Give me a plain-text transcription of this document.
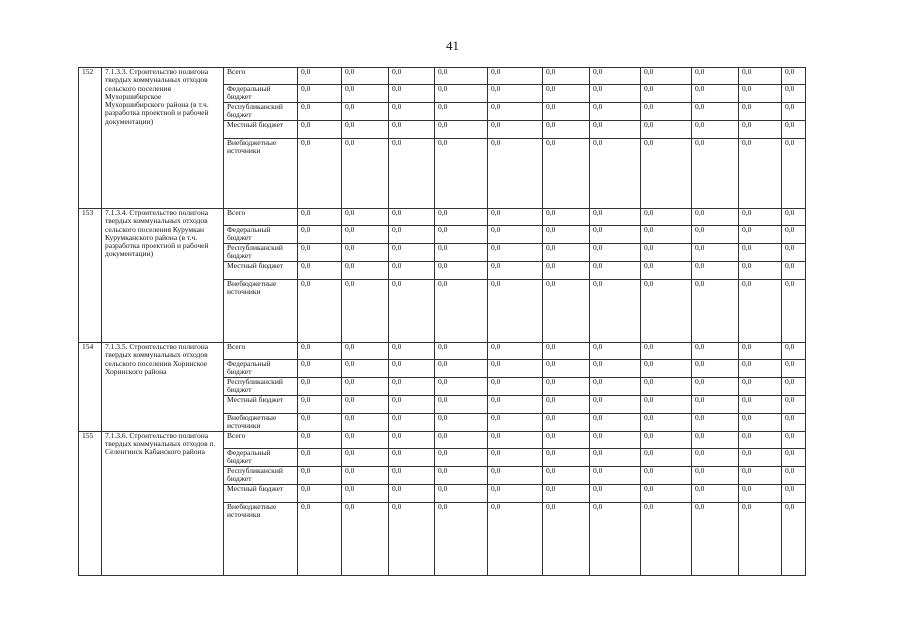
41
152	7.1.3.3. Строительство полигона твердых коммунальных отходов сельского поселения Мухоршибирское Мухоршибирского района (в т.ч. разработка проектной и рабочей документации)	Всего	0,0	0,0	0,0	0,0	0,0	0,0	0,0	0,0	0,0	0,0	0,0
		Федеральный бюджет	0,0	0,0	0,0	0,0	0,0	0,0	0,0	0,0	0,0	0,0	0,0
		Республиканский бюджет	0,0	0,0	0,0	0,0	0,0	0,0	0,0	0,0	0,0	0,0	0,0
		Местный бюджет	0,0	0,0	0,0	0,0	0,0	0,0	0,0	0,0	0,0	0,0	0,0
		Внебюджетные источники	0,0	0,0	0,0	0,0	0,0	0,0	0,0	0,0	0,0	0,0	0,0
153	7.1.3.4. Строительство полигона твердых коммунальных отходов сельского поселения Курумкан Курумканского района (в т.ч. разработка проектной и рабочей документации)	Всего	0,0	0,0	0,0	0,0	0,0	0,0	0,0	0,0	0,0	0,0	0,0
		Федеральный бюджет	0,0	0,0	0,0	0,0	0,0	0,0	0,0	0,0	0,0	0,0	0,0
		Республиканский бюджет	0,0	0,0	0,0	0,0	0,0	0,0	0,0	0,0	0,0	0,0	0,0
		Местный бюджет	0,0	0,0	0,0	0,0	0,0	0,0	0,0	0,0	0,0	0,0	0,0
		Внебюджетные источники	0,0	0,0	0,0	0,0	0,0	0,0	0,0	0,0	0,0	0,0	0,0
154	7.1.3.5. Строительство полигона твердых коммунальных отходов сельского поселения Хоринское Хоринского района	Всего	0,0	0,0	0,0	0,0	0,0	0,0	0,0	0,0	0,0	0,0	0,0
		Федеральный бюджет	0,0	0,0	0,0	0,0	0,0	0,0	0,0	0,0	0,0	0,0	0,0
		Республиканский бюджет	0,0	0,0	0,0	0,0	0,0	0,0	0,0	0,0	0,0	0,0	0,0
		Местный бюджет	0,0	0,0	0,0	0,0	0,0	0,0	0,0	0,0	0,0	0,0	0,0
		Внебюджетные источники	0,0	0,0	0,0	0,0	0,0	0,0	0,0	0,0	0,0	0,0	0,0
155	7.1.3.6. Строительство полигона твердых коммунальных отходов п. Селенгинск Кабанского района	Всего	0,0	0,0	0,0	0,0	0,0	0,0	0,0	0,0	0,0	0,0	0,0
		Федеральный бюджет	0,0	0,0	0,0	0,0	0,0	0,0	0,0	0,0	0,0	0,0	0,0
		Республиканский бюджет	0,0	0,0	0,0	0,0	0,0	0,0	0,0	0,0	0,0	0,0	0,0
		Местный бюджет	0,0	0,0	0,0	0,0	0,0	0,0	0,0	0,0	0,0	0,0	0,0
		Внебюджетные источники	0,0	0,0	0,0	0,0	0,0	0,0	0,0	0,0	0,0	0,0	0,0
